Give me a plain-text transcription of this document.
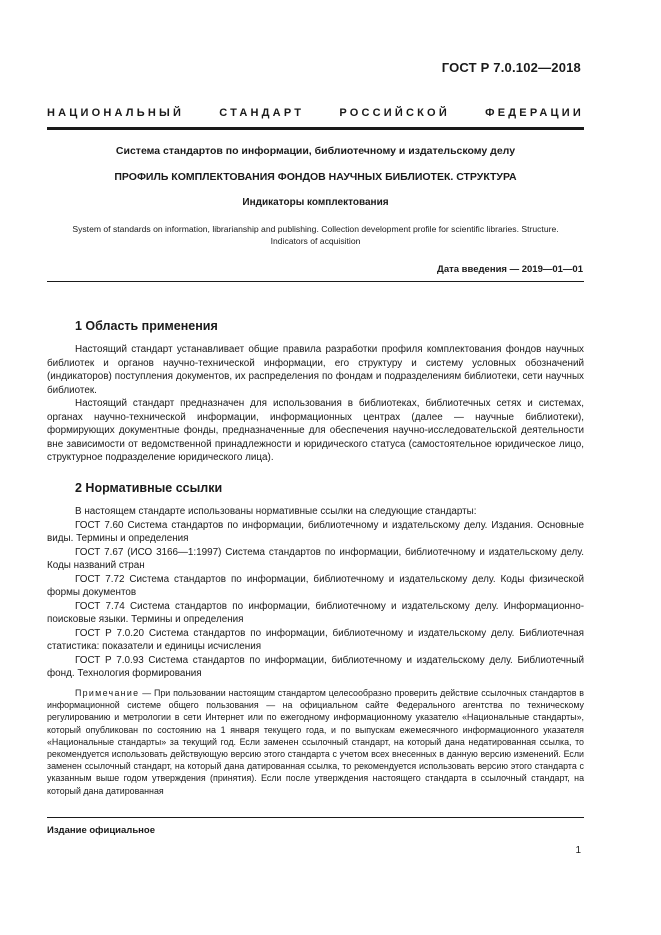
ГОСТ Р 7.0.102—2018
НАЦИОНАЛЬНЫЙ СТАНДАРТ РОССИЙСКОЙ ФЕДЕРАЦИИ
Система стандартов по информации, библиотечному и издательскому делу
ПРОФИЛЬ КОМПЛЕКТОВАНИЯ ФОНДОВ НАУЧНЫХ БИБЛИОТЕК. СТРУКТУРА
Индикаторы комплектования
System of standards on information, librarianship and publishing. Collection development profile for scientific libraries. Structure.
Indicators of acquisition
Дата введения — 2019—01—01
1 Область применения

Настоящий стандарт устанавливает общие правила разработки профиля комплектования фондов научных библиотек и органов научно-технической информации, его структуру и систему условных обозначений (индикаторов) поступления документов, их распределения по фондам и подразделениям библиотеки, сети научных библиотек.

Настоящий стандарт предназначен для использования в библиотеках, библиотечных сетях и системах, органах научно-технической информации, информационных центрах (далее — научные библиотеки), формирующих документные фонды, предназначенные для обеспечения научно-исследовательской деятельности вне зависимости от ведомственной принадлежности и юридического статуса (самостоятельное юридическое лицо, структурное подразделение юридического лица).

2 Нормативные ссылки

В настоящем стандарте использованы нормативные ссылки на следующие стандарты:

ГОСТ 7.60 Система стандартов по информации, библиотечному и издательскому делу. Издания. Основные виды. Термины и определения

ГОСТ 7.67 (ИСО 3166—1:1997) Система стандартов по информации, библиотечному и издательскому делу. Коды названий стран

ГОСТ 7.72 Система стандартов по информации, библиотечному и издательскому делу. Коды физической формы документов

ГОСТ 7.74 Система стандартов по информации, библиотечному и издательскому делу. Информационно-поисковые языки. Термины и определения

ГОСТ Р 7.0.20 Система стандартов по информации, библиотечному и издательскому делу. Библиотечная статистика: показатели и единицы исчисления

ГОСТ Р 7.0.93 Система стандартов по информации, библиотечному и издательскому делу. Библиотечный фонд. Технология формирования

Примечание — При пользовании настоящим стандартом целесообразно проверить действие ссылочных стандартов в информационной системе общего пользования — на официальном сайте Федерального агентства по техническому регулированию и метрологии в сети Интернет или по ежегодному информационному указателю «Национальные стандарты», который опубликован по состоянию на 1 января текущего года, и по выпускам ежемесячного информационного указателя «Национальные стандарты» за текущий год. Если заменен ссылочный стандарт, на который дана недатированная ссылка, то рекомендуется использовать действующую версию этого стандарта с учетом всех внесенных в данную версию изменений. Если заменен ссылочный стандарт, на который дана датированная ссылка, то рекомендуется использовать версию этого стандарта с указанным выше годом утверждения (принятия). Если после утверждения настоящего стандарта в ссылочный стандарт, на который дана датированная

Издание официальное
1
